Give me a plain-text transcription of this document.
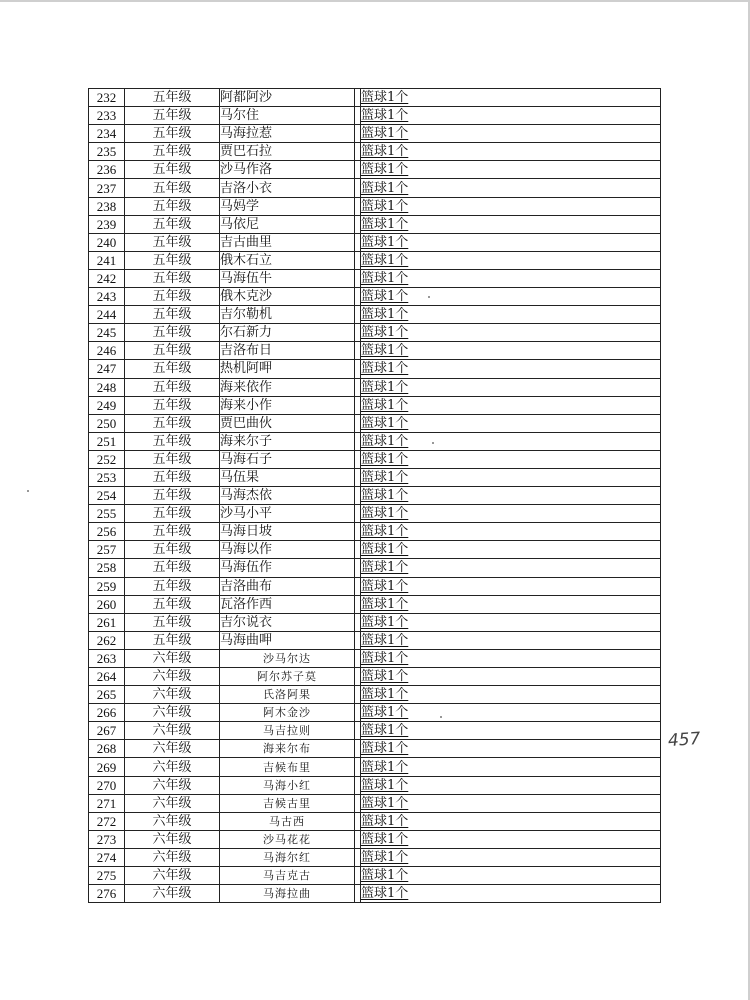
232	五年级	阿都阿沙		篮球1个
233	五年级	马尔住		篮球1个
234	五年级	马海拉惹		篮球1个
235	五年级	贾巴石拉		篮球1个
236	五年级	沙马作洛		篮球1个
237	五年级	吉洛小衣		篮球1个
238	五年级	马妈学		篮球1个
239	五年级	马依尼		篮球1个
240	五年级	吉古曲里		篮球1个
241	五年级	俄木石立		篮球1个
242	五年级	马海伍牛		篮球1个
243	五年级	俄木克沙		篮球1个
244	五年级	吉尔勒机		篮球1个
245	五年级	尔石新力		篮球1个
246	五年级	吉洛布日		篮球1个
247	五年级	热机阿呷		篮球1个
248	五年级	海来依作		篮球1个
249	五年级	海来小作		篮球1个
250	五年级	贾巴曲伙		篮球1个
251	五年级	海来尔子		篮球1个
252	五年级	马海石子		篮球1个
253	五年级	马伍果		篮球1个
254	五年级	马海杰依		篮球1个
255	五年级	沙马小平		篮球1个
256	五年级	马海日坡		篮球1个
257	五年级	马海以作		篮球1个
258	五年级	马海伍作		篮球1个
259	五年级	吉洛曲布		篮球1个
260	五年级	瓦洛作西		篮球1个
261	五年级	吉尔说衣		篮球1个
262	五年级	马海曲呷		篮球1个
263	六年级	沙马尔达		篮球1个
264	六年级	阿尔苏子莫		篮球1个
265	六年级	氏洛阿果		篮球1个
266	六年级	阿木金沙		篮球1个
267	六年级	马吉拉则		篮球1个
268	六年级	海来尔布		篮球1个
269	六年级	吉候布里		篮球1个
270	六年级	马海小红		篮球1个
271	六年级	吉候古里		篮球1个
272	六年级	马古西		篮球1个
273	六年级	沙马花花		篮球1个
274	六年级	马海尔红		篮球1个
275	六年级	马吉克古		篮球1个
276	六年级	马海拉曲		篮球1个
457
